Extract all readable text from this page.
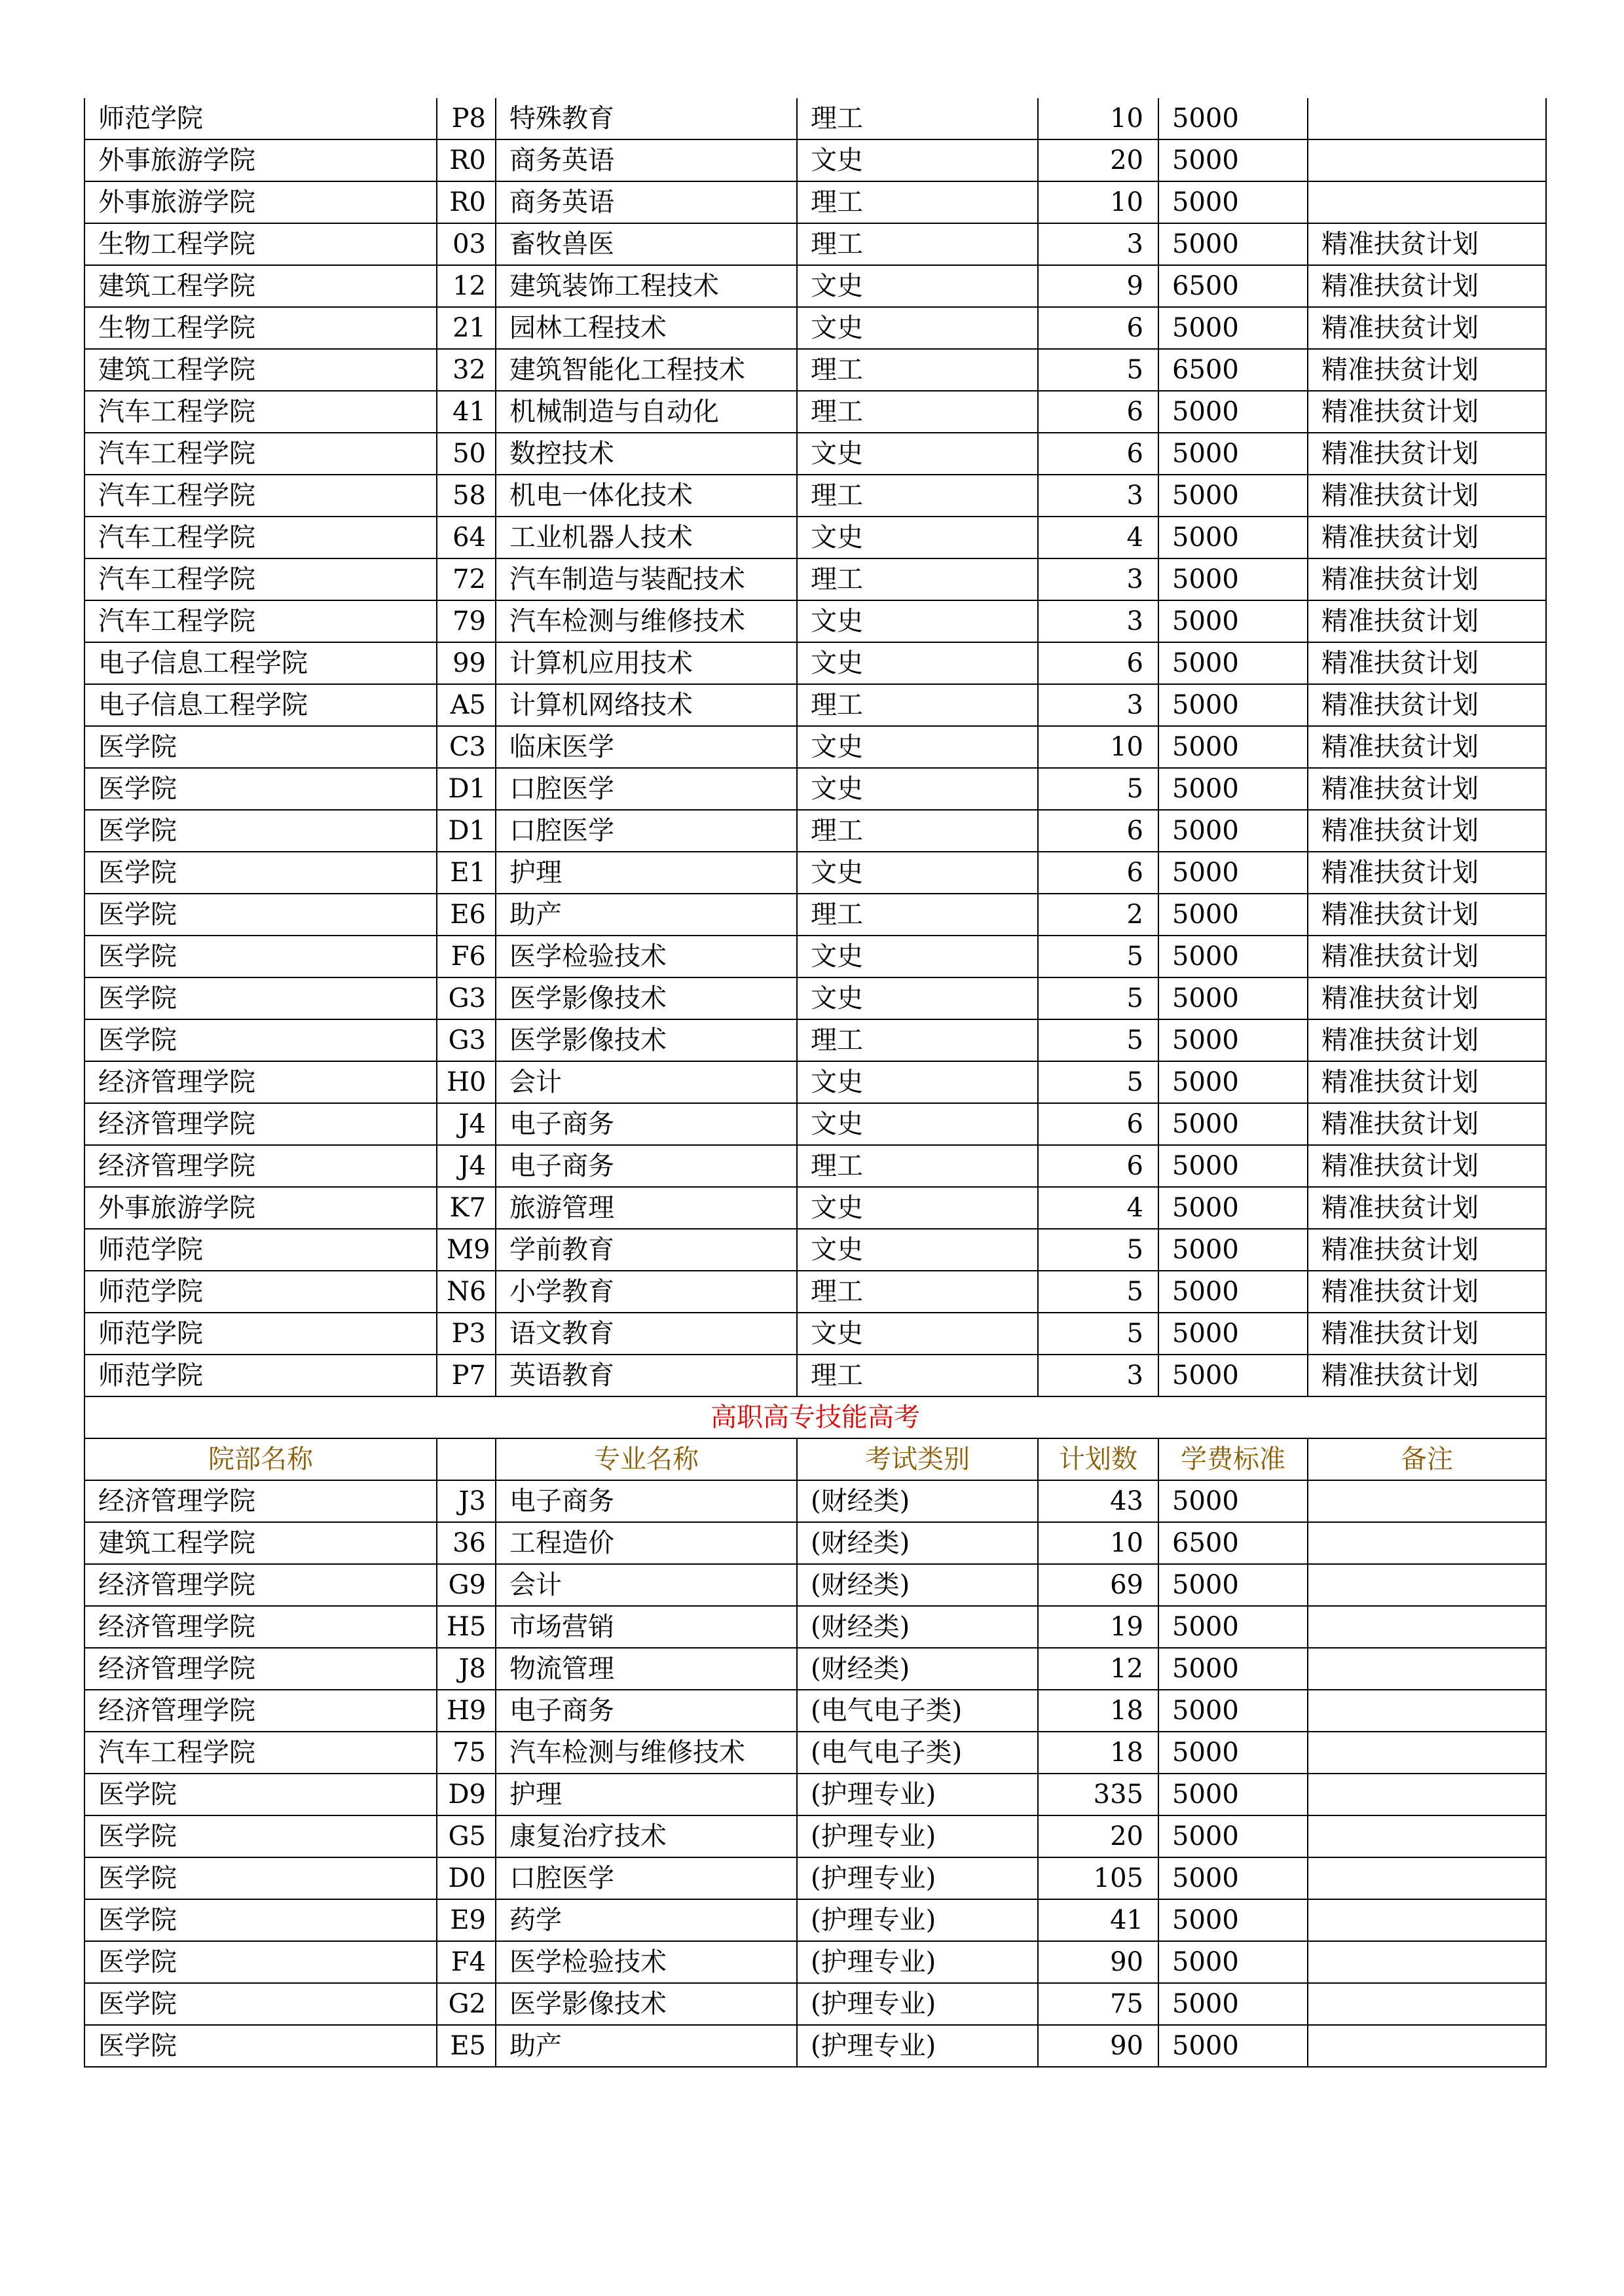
师范学院	P8	特殊教育	理工	10	5000	
外事旅游学院	R0	商务英语	文史	20	5000	
外事旅游学院	R0	商务英语	理工	10	5000	
生物工程学院	03	畜牧兽医	理工	3	5000	精准扶贫计划
建筑工程学院	12	建筑装饰工程技术	文史	9	6500	精准扶贫计划
生物工程学院	21	园林工程技术	文史	6	5000	精准扶贫计划
建筑工程学院	32	建筑智能化工程技术	理工	5	6500	精准扶贫计划
汽车工程学院	41	机械制造与自动化	理工	6	5000	精准扶贫计划
汽车工程学院	50	数控技术	文史	6	5000	精准扶贫计划
汽车工程学院	58	机电一体化技术	理工	3	5000	精准扶贫计划
汽车工程学院	64	工业机器人技术	文史	4	5000	精准扶贫计划
汽车工程学院	72	汽车制造与装配技术	理工	3	5000	精准扶贫计划
汽车工程学院	79	汽车检测与维修技术	文史	3	5000	精准扶贫计划
电子信息工程学院	99	计算机应用技术	文史	6	5000	精准扶贫计划
电子信息工程学院	A5	计算机网络技术	理工	3	5000	精准扶贫计划
医学院	C3	临床医学	文史	10	5000	精准扶贫计划
医学院	D1	口腔医学	文史	5	5000	精准扶贫计划
医学院	D1	口腔医学	理工	6	5000	精准扶贫计划
医学院	E1	护理	文史	6	5000	精准扶贫计划
医学院	E6	助产	理工	2	5000	精准扶贫计划
医学院	F6	医学检验技术	文史	5	5000	精准扶贫计划
医学院	G3	医学影像技术	文史	5	5000	精准扶贫计划
医学院	G3	医学影像技术	理工	5	5000	精准扶贫计划
经济管理学院	H0	会计	文史	5	5000	精准扶贫计划
经济管理学院	J4	电子商务	文史	6	5000	精准扶贫计划
经济管理学院	J4	电子商务	理工	6	5000	精准扶贫计划
外事旅游学院	K7	旅游管理	文史	4	5000	精准扶贫计划
师范学院	M9	学前教育	文史	5	5000	精准扶贫计划
师范学院	N6	小学教育	理工	5	5000	精准扶贫计划
师范学院	P3	语文教育	文史	5	5000	精准扶贫计划
师范学院	P7	英语教育	理工	3	5000	精准扶贫计划
高职高专技能高考						
院部名称		专业名称	考试类别	计划数	学费标准	备注
经济管理学院	J3	电子商务	(财经类)	43	5000	
建筑工程学院	36	工程造价	(财经类)	10	6500	
经济管理学院	G9	会计	(财经类)	69	5000	
经济管理学院	H5	市场营销	(财经类)	19	5000	
经济管理学院	J8	物流管理	(财经类)	12	5000	
经济管理学院	H9	电子商务	(电气电子类)	18	5000	
汽车工程学院	75	汽车检测与维修技术	(电气电子类)	18	5000	
医学院	D9	护理	(护理专业)	335	5000	
医学院	G5	康复治疗技术	(护理专业)	20	5000	
医学院	D0	口腔医学	(护理专业)	105	5000	
医学院	E9	药学	(护理专业)	41	5000	
医学院	F4	医学检验技术	(护理专业)	90	5000	
医学院	G2	医学影像技术	(护理专业)	75	5000	
医学院	E5	助产	(护理专业)	90	5000	
